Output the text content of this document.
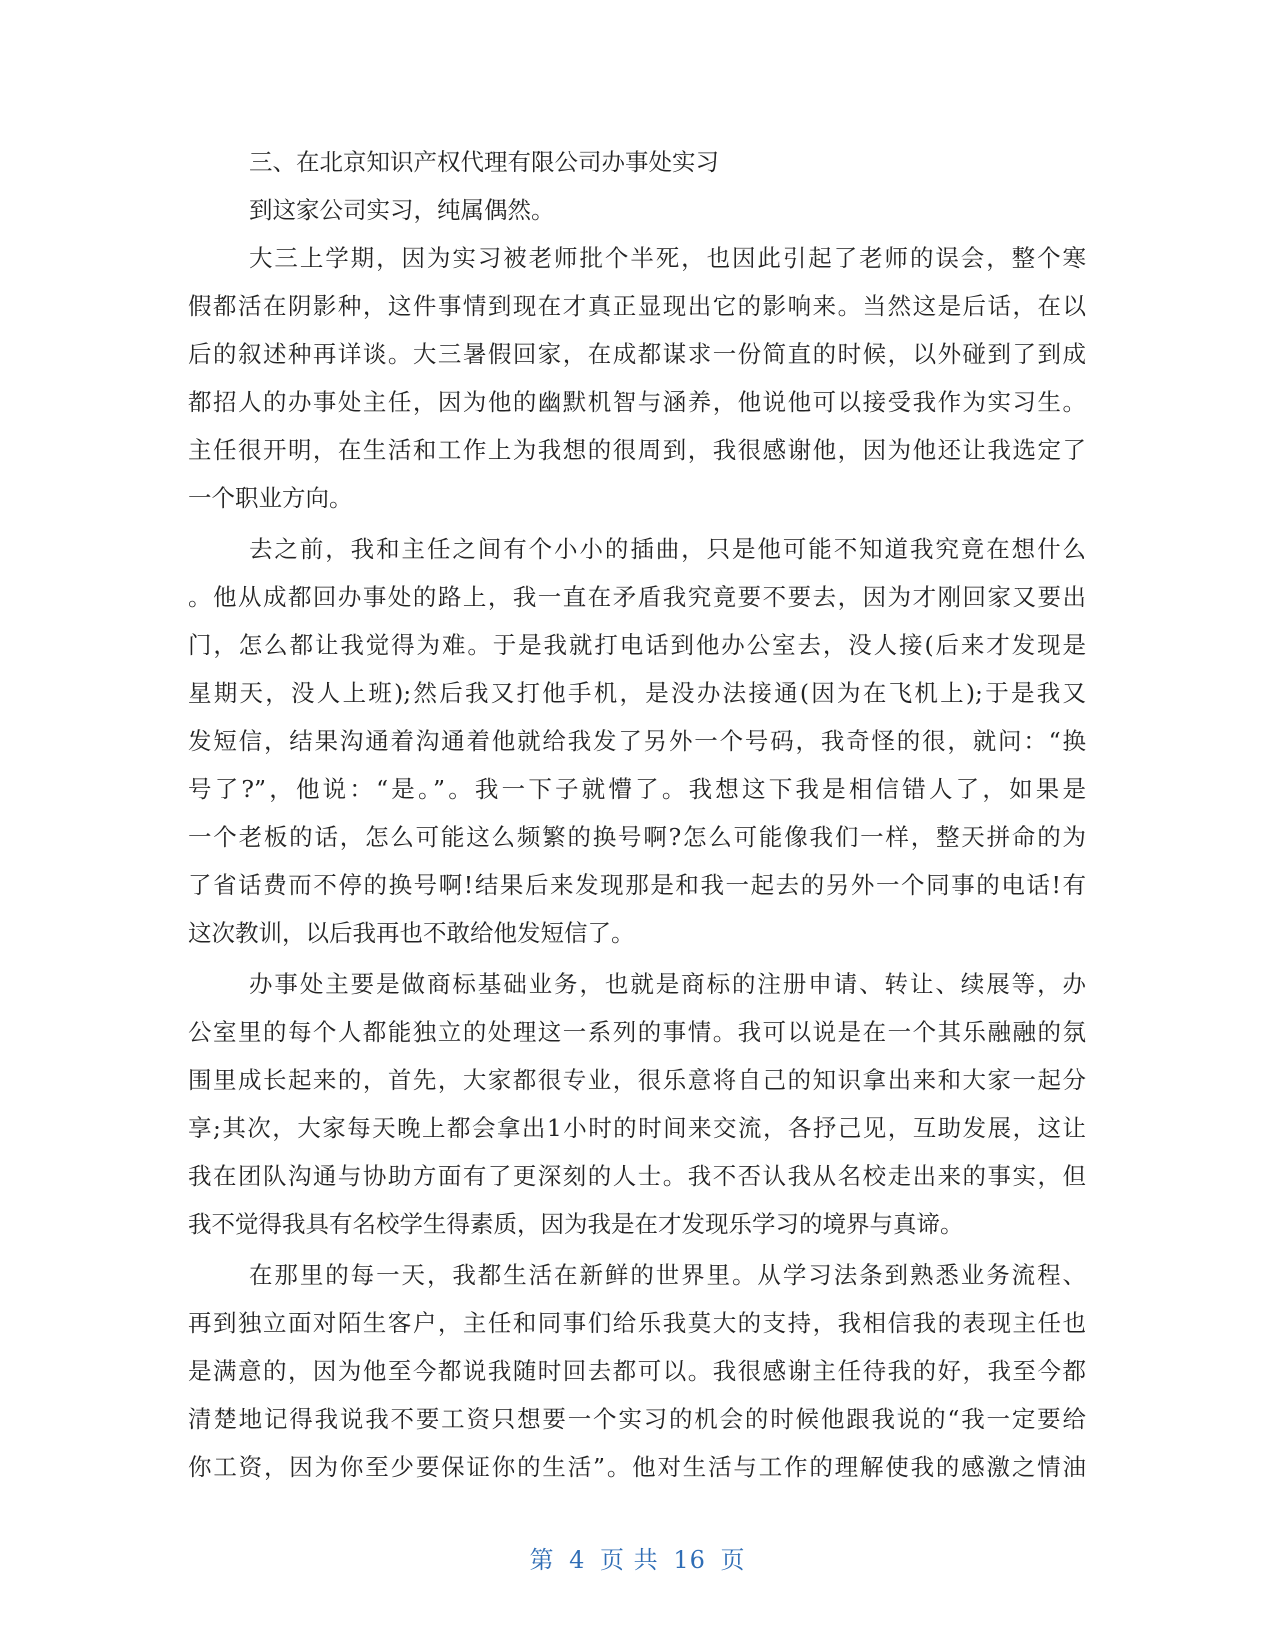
三、在北京知识产权代理有限公司办事处实习

到这家公司实习，纯属偶然。

大三上学期，因为实习被老师批个半死，也因此引起了老师的误会，整个寒
假都活在阴影种，这件事情到现在才真正显现出它的影响来。当然这是后话，在以
后的叙述种再详谈。大三暑假回家，在成都谋求一份简直的时候，以外碰到了到成
都招人的办事处主任，因为他的幽默机智与涵养，他说他可以接受我作为实习生。
主任很开明，在生活和工作上为我想的很周到，我很感谢他，因为他还让我选定了
一个职业方向。
去之前，我和主任之间有个小小的插曲，只是他可能不知道我究竟在想什么
。他从成都回办事处的路上，我一直在矛盾我究竟要不要去，因为才刚回家又要出
门，怎么都让我觉得为难。于是我就打电话到他办公室去，没人接(后来才发现是
星期天，没人上班);然后我又打他手机，是没办法接通(因为在飞机上);于是我又
发短信，结果沟通着沟通着他就给我发了另外一个号码，我奇怪的很，就问：“换
号了?”，他说：“是。”。我一下子就懵了。我想这下我是相信错人了，如果是
一个老板的话，怎么可能这么频繁的换号啊?怎么可能像我们一样，整天拼命的为
了省话费而不停的换号啊!结果后来发现那是和我一起去的另外一个同事的电话!有
这次教训，以后我再也不敢给他发短信了。
办事处主要是做商标基础业务，也就是商标的注册申请、转让、续展等，办
公室里的每个人都能独立的处理这一系列的事情。我可以说是在一个其乐融融的氛
围里成长起来的，首先，大家都很专业，很乐意将自己的知识拿出来和大家一起分
享;其次，大家每天晚上都会拿出1小时的时间来交流，各抒己见，互助发展，这让
我在团队沟通与协助方面有了更深刻的人士。我不否认我从名校走出来的事实，但
我不觉得我具有名校学生得素质，因为我是在才发现乐学习的境界与真谛。
在那里的每一天，我都生活在新鲜的世界里。从学习法条到熟悉业务流程、
再到独立面对陌生客户，主任和同事们给乐我莫大的支持，我相信我的表现主任也
是满意的，因为他至今都说我随时回去都可以。我很感谢主任待我的好，我至今都
清楚地记得我说我不要工资只想要一个实习的机会的时候他跟我说的“我一定要给
你工资，因为你至少要保证你的生活”。他对生活与工作的理解使我的感激之情油
第 4 页 共 16 页
